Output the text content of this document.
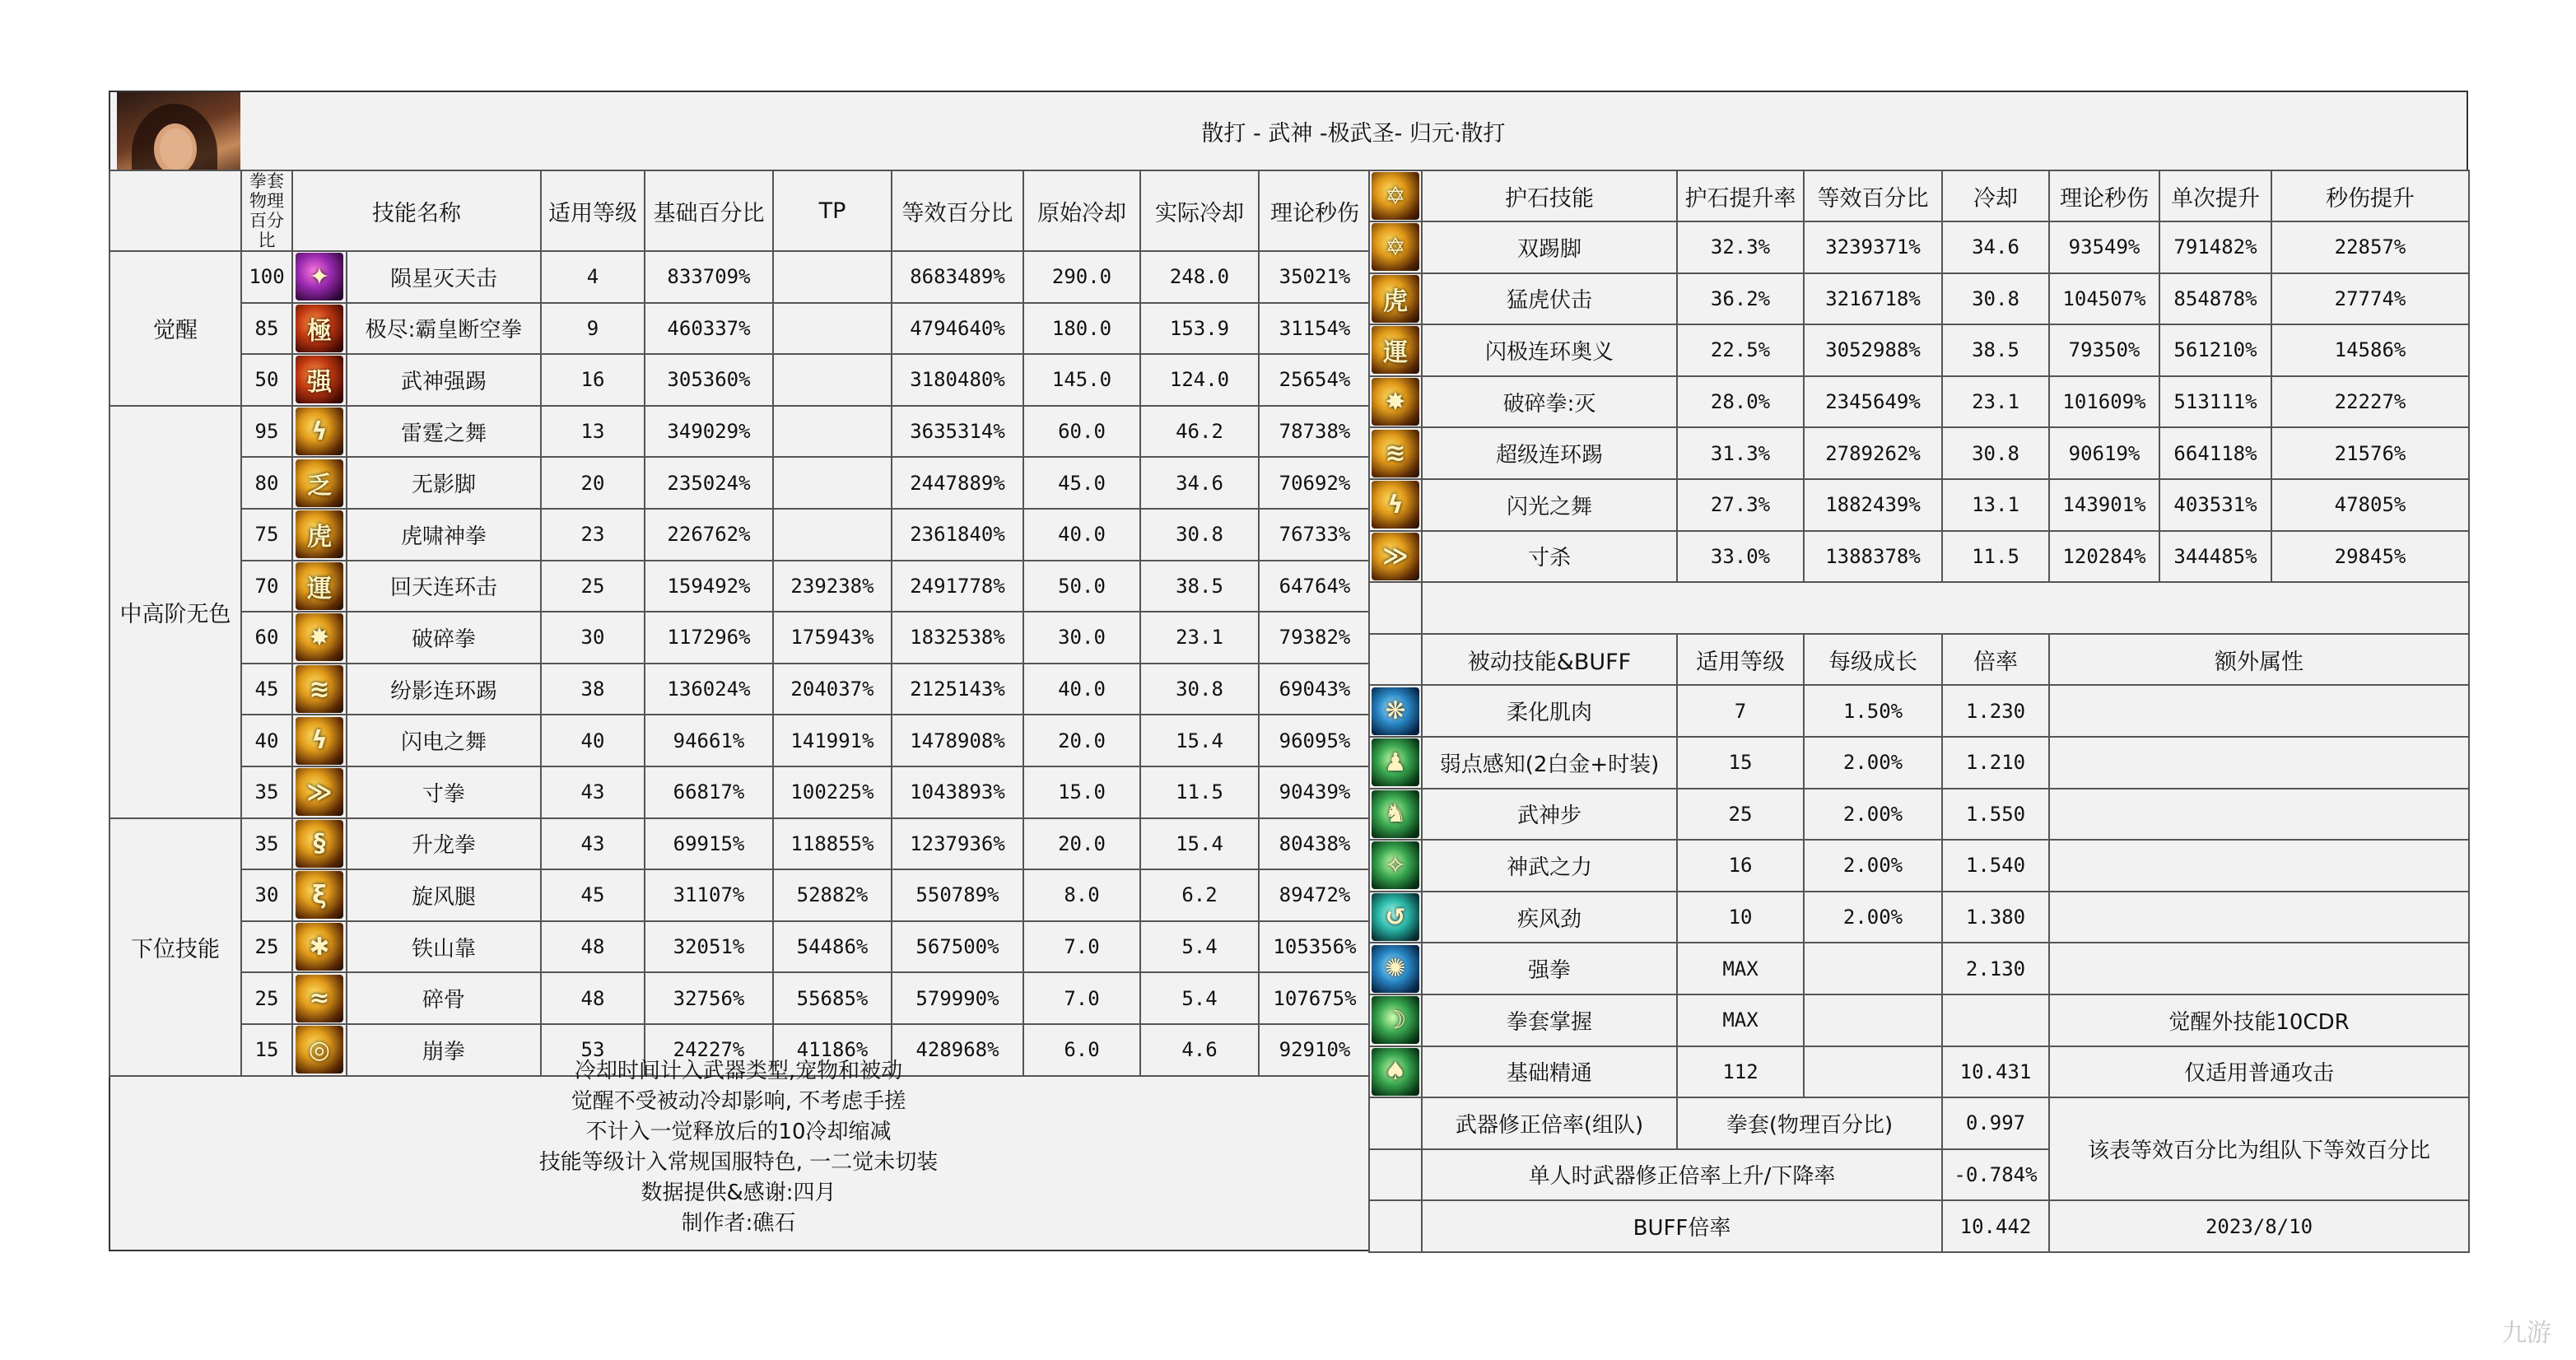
散打 - 武神 -极武圣- 归元·散打
	拳套
物理百分比	技能名称		适用等级	基础百分比	TP	等效百分比	原始冷却	实际冷却	理论秒伤
觉醒	100	✦	陨星灭天击	4	833709%		8683489%	290.0	248.0	35021%
	85	極	极尽:霸皇断空拳	9	460337%		4794640%	180.0	153.9	31154%
	50	强	武神强踢	16	305360%		3180480%	145.0	124.0	25654%
中高阶无色	95	ϟ	雷霆之舞	13	349029%		3635314%	60.0	46.2	78738%
	80	乏	无影脚	20	235024%		2447889%	45.0	34.6	70692%
	75	虎	虎啸神拳	23	226762%		2361840%	40.0	30.8	76733%
	70	運	回天连环击	25	159492%	239238%	2491778%	50.0	38.5	64764%
	60	✸	破碎拳	30	117296%	175943%	1832538%	30.0	23.1	79382%
	45	≋	纷影连环踢	38	136024%	204037%	2125143%	40.0	30.8	69043%
	40	ϟ	闪电之舞	40	94661%	141991%	1478908%	20.0	15.4	96095%
	35	≫	寸拳	43	66817%	100225%	1043893%	15.0	11.5	90439%
下位技能	35	§	升龙拳	43	69915%	118855%	1237936%	20.0	15.4	80438%
	30	ξ	旋风腿	45	31107%	52882%	550789%	8.0	6.2	89472%
	25	✱	铁山靠	48	32051%	54486%	567500%	7.0	5.4	105356%
	25	≈	碎骨	48	32756%	55685%	579990%	7.0	5.4	107675%
	15	◎	崩拳	53	24227%	41186%	428968%	6.0	4.6	92910%
✡	护石技能	护石提升率	等效百分比	冷却	理论秒伤	单次提升	秒伤提升

✡	双踢脚	32.3%	3239371%	34.6	93549%	791482%	22857%

虎	猛虎伏击	36.2%	3216718%	30.8	104507%	854878%	27774%

運	闪极连环奥义	22.5%	3052988%	38.5	79350%	561210%	14586%

✸	破碎拳:灭	28.0%	2345649%	23.1	101609%	513111%	22227%

≋	超级连环踢	31.3%	2789262%	30.8	90619%	664118%	21576%

ϟ	闪光之舞	27.3%	1882439%	13.1	143901%	403531%	47805%

≫	寸杀	33.0%	1388378%	11.5	120284%	344485%	29845%

	被动技能&BUFF	适用等级	每级成长	倍率	额外属性		

❋	柔化肌肉	7	1.50%	1.230			

♟	弱点感知(2白金+时装)	15	2.00%	1.210			

♞	武神步	25	2.00%	1.550			

✧	神武之力	16	2.00%	1.540			

↺	疾风劲	10	2.00%	1.380			

✺	强拳	MAX		2.130			

☽	拳套掌握	MAX			觉醒外技能10CDR		

♠	基础精通	112		10.431	仅适用普通攻击		
	武器修正倍率(组队)	拳套(物理百分比)		0.997	该表等效百分比为组队下等效百分比		
	单人时武器修正倍率上升/下降率			-0.784%			
	BUFF倍率			10.442	2023/8/10		
冷却时间计入武器类型,宠物和被动
觉醒不受被动冷却影响, 不考虑手搓
不计入一觉释放后的10冷却缩减
技能等级计入常规国服特色, 一二觉未切装
数据提供&感谢:四月
制作者:礁石
九游
